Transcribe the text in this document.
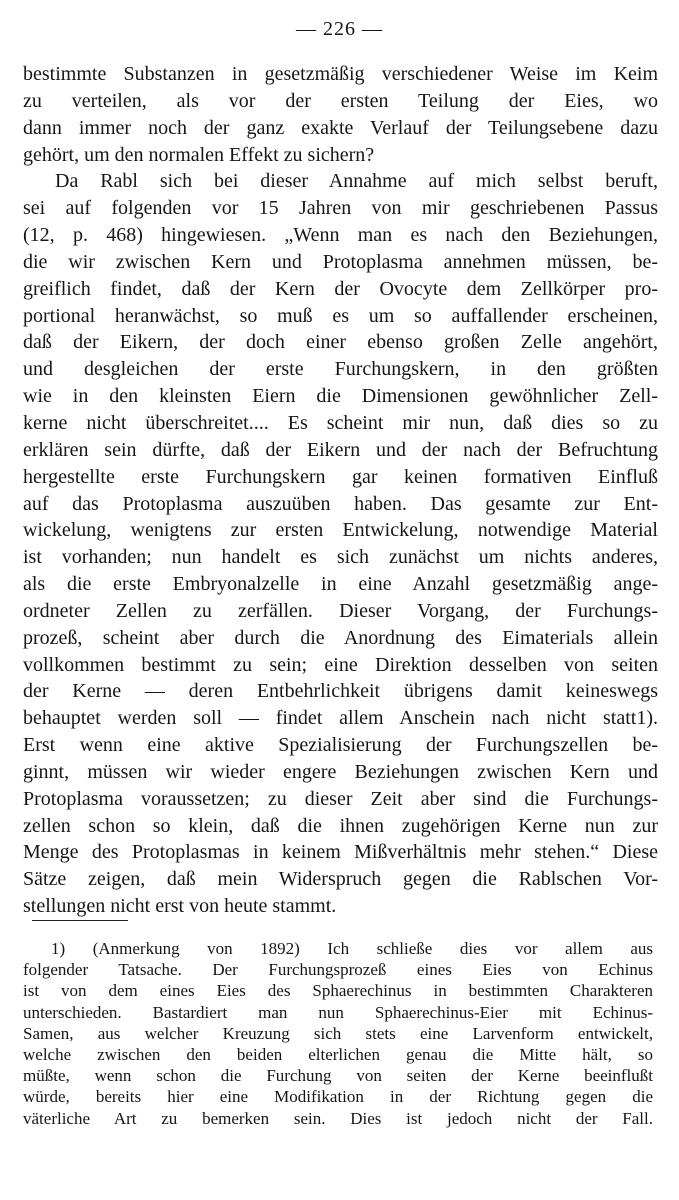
— 226 —

bestimmte Substanzen in gesetzmäßig verschiedener Weise im Keim
zu verteilen, als vor der ersten Teilung der Eies, wo
dann immer noch der ganz exakte Verlauf der Teilungsebene dazu
gehört, um den normalen Effekt zu sichern?

Da Rabl sich bei dieser Annahme auf mich selbst beruft,
sei auf folgenden vor 15 Jahren von mir geschriebenen Passus
(12, p. 468) hingewiesen. „Wenn man es nach den Beziehungen,
die wir zwischen Kern und Protoplasma annehmen müssen, be-
greiflich findet, daß der Kern der Ovocyte dem Zellkörper pro-
portional heranwächst, so muß es um so auffallender erscheinen,
daß der Eikern, der doch einer ebenso großen Zelle angehört,
und desgleichen der erste Furchungskern, in den größten
wie in den kleinsten Eiern die Dimensionen gewöhnlicher Zell-
kerne nicht überschreitet.... Es scheint mir nun, daß dies so zu
erklären sein dürfte, daß der Eikern und der nach der Befruchtung
hergestellte erste Furchungskern gar keinen formativen Einfluß
auf das Protoplasma auszuüben haben. Das gesamte zur Ent-
wickelung, wenigtens zur ersten Entwickelung, notwendige Material
ist vorhanden; nun handelt es sich zunächst um nichts anderes,
als die erste Embryonalzelle in eine Anzahl gesetzmäßig ange-
ordneter Zellen zu zerfällen. Dieser Vorgang, der Furchungs-
prozeß, scheint aber durch die Anordnung des Eimaterials allein
vollkommen bestimmt zu sein; eine Direktion desselben von seiten
der Kerne — deren Entbehrlichkeit übrigens damit keineswegs
behauptet werden soll — findet allem Anschein nach nicht statt1).
Erst wenn eine aktive Spezialisierung der Furchungszellen be-
ginnt, müssen wir wieder engere Beziehungen zwischen Kern und
Protoplasma voraussetzen; zu dieser Zeit aber sind die Furchungs-
zellen schon so klein, daß die ihnen zugehörigen Kerne nun zur
Menge des Protoplasmas in keinem Mißverhältnis mehr stehen.“ Diese
Sätze zeigen, daß mein Widerspruch gegen die Rablschen Vor-
stellungen nicht erst von heute stammt.

1) (Anmerkung von 1892) Ich schließe dies vor allem aus
folgender Tatsache. Der Furchungsprozeß eines Eies von Echinus
ist von dem eines Eies des Sphaerechinus in bestimmten Charakteren
unterschieden. Bastardiert man nun Sphaerechinus-Eier mit Echinus-
Samen, aus welcher Kreuzung sich stets eine Larvenform entwickelt,
welche zwischen den beiden elterlichen genau die Mitte hält, so
müßte, wenn schon die Furchung von seiten der Kerne beeinflußt
würde, bereits hier eine Modifikation in der Richtung gegen die
väterliche Art zu bemerken sein. Dies ist jedoch nicht der Fall.
